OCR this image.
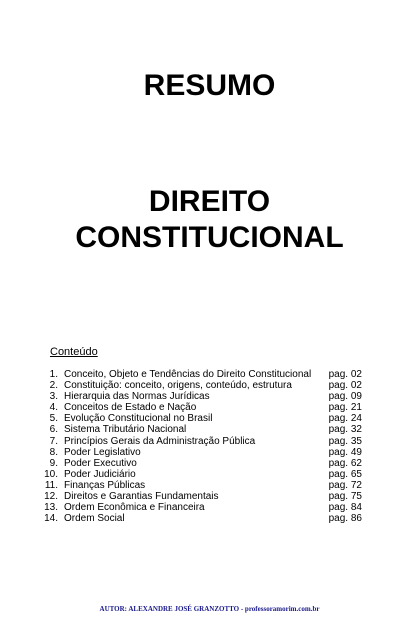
RESUMO
DIREITO
CONSTITUCIONAL
Conteúdo
1. Conceito, Objeto e Tendências do Direito Constitucional pag. 02
2. Constituição: conceito, origens, conteúdo, estrutura	pag. 02
3. Hierarquia das Normas Jurídicas	pag. 09
4. Conceitos de Estado e Nação	pag. 21
5. Evolução Constitucional no Brasil	pag. 24
6. Sistema Tributário Nacional	pag. 32
7. Princípios Gerais da Administração Pública	pag. 35
8. Poder Legislativo	pag. 49
9. Poder Executivo	pag. 62
10. Poder Judiciário	pag. 65
11. Finanças Públicas	pag. 72
12. Direitos e Garantias Fundamentais	pag. 75
13. Ordem Econômica e Financeira	pag. 84
14. Ordem Social	pag. 86
AUTOR: ALEXANDRE JOSÉ GRANZOTTO - professoramorim.com.br
